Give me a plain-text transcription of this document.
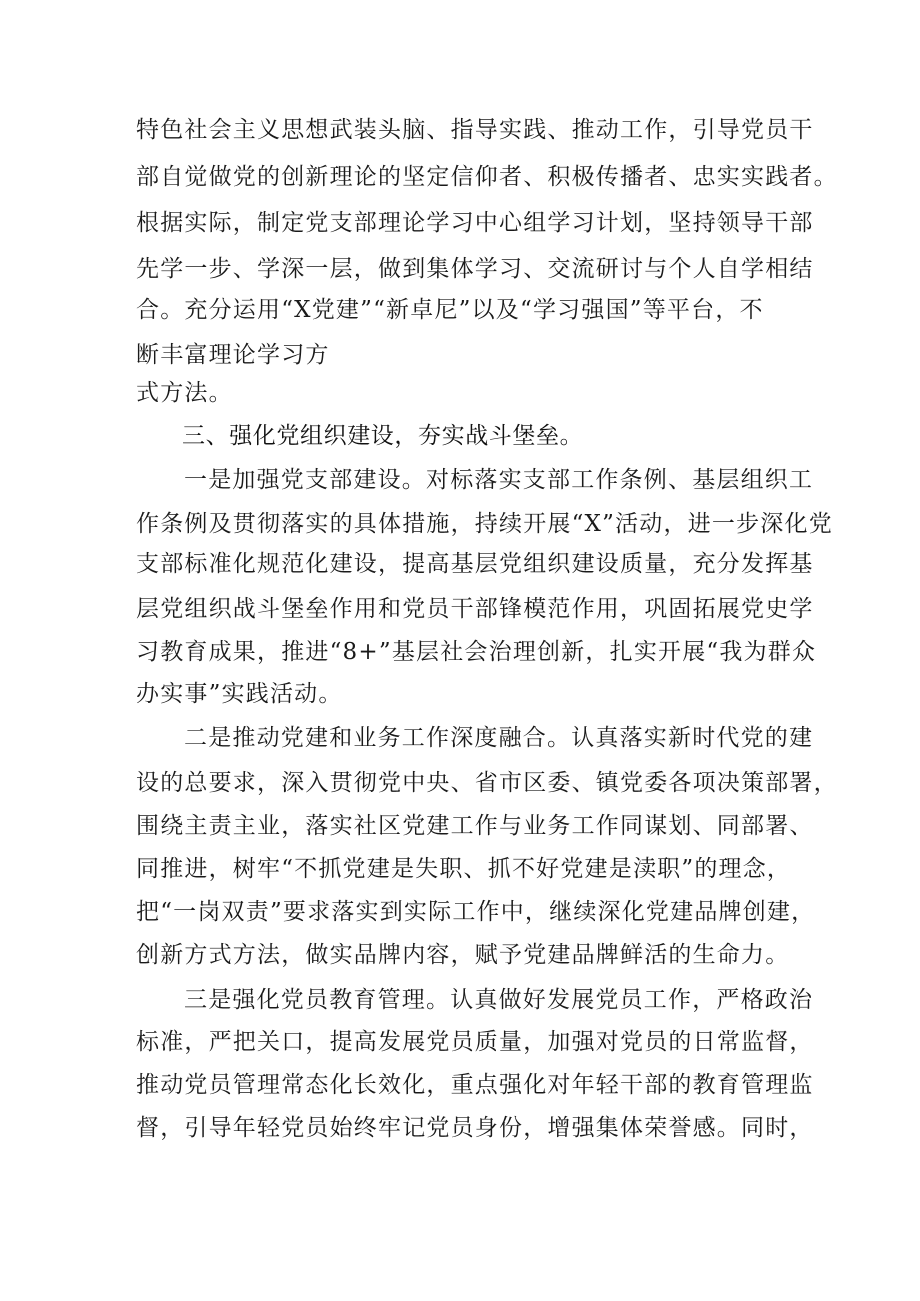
特色社会主义思想武装头脑、指导实践、推动工作，引导党员干
部自觉做党的创新理论的坚定信仰者、积极传播者、忠实实践者。
根据实际，制定党支部理论学习中心组学习计划，坚持领导干部
先学一步、学深一层，做到集体学习、交流研讨与个人自学相结
合。充分运用“X党建”“新卓尼”以及“学习强国”等平台，不
断丰富理论学习方
式方法。
三、强化党组织建设，夯实战斗堡垒。
一是加强党支部建设。对标落实支部工作条例、基层组织工
作条例及贯彻落实的具体措施，持续开展“X”活动，进一步深化党
支部标准化规范化建设，提高基层党组织建设质量，充分发挥基
层党组织战斗堡垒作用和党员干部锋模范作用，巩固拓展党史学
习教育成果，推进“8+”基层社会治理创新，扎实开展“我为群众
办实事”实践活动。
二是推动党建和业务工作深度融合。认真落实新时代党的建
设的总要求，深入贯彻党中央、省市区委、镇党委各项决策部署，
围绕主责主业，落实社区党建工作与业务工作同谋划、同部署、
同推进，树牢“不抓党建是失职、抓不好党建是渎职”的理念，
把“一岗双责”要求落实到实际工作中，继续深化党建品牌创建，
创新方式方法，做实品牌内容，赋予党建品牌鲜活的生命力。
三是强化党员教育管理。认真做好发展党员工作，严格政治
标准，严把关口，提高发展党员质量，加强对党员的日常监督，
推动党员管理常态化长效化，重点强化对年轻干部的教育管理监
督，引导年轻党员始终牢记党员身份，增强集体荣誉感。同时，
